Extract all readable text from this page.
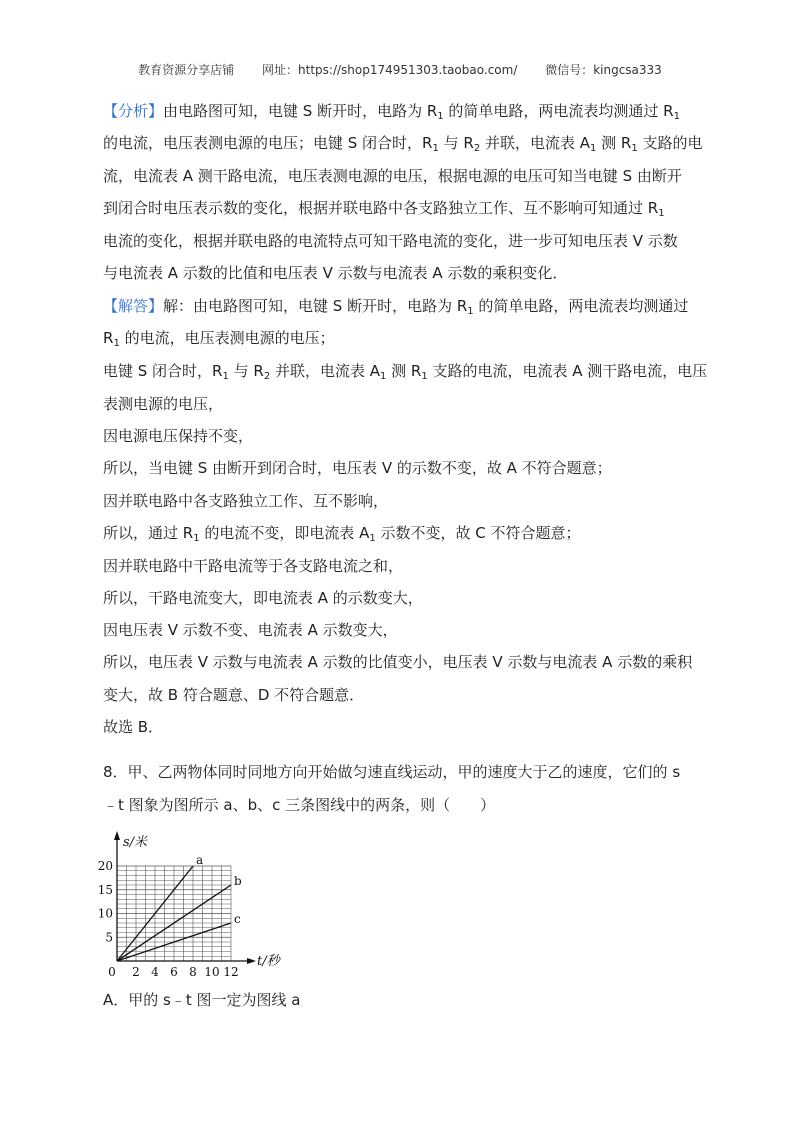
教育资源分享店铺 网址：https://shop174951303.taobao.com/ 微信号：kingcsa333
【分析】由电路图可知，电键 S 断开时，电路为 $R_1$ 的简单电路，两电流表均测通过 $R_1$
的电流，电压表测电源的电压；电键 S 闭合时，$R_1$ 与 $R_2$ 并联，电流表 $A_1$ 测 $R_1$ 支路的电
流，电流表 A 测干路电流，电压表测电源的电压，根据电源的电压可知当电键 S 由断开
到闭合时电压表示数的变化，根据并联电路中各支路独立工作、互不影响可知通过 $R_1$
电流的变化，根据并联电路的电流特点可知干路电流的变化，进一步可知电压表 V 示数
与电流表 A 示数的比值和电压表 V 示数与电流表 A 示数的乘积变化．
【解答】解：由电路图可知，电键 S 断开时，电路为 $R_1$ 的简单电路，两电流表均测通过
$R_1$ 的电流，电压表测电源的电压；
电键 S 闭合时，$R_1$ 与 $R_2$ 并联，电流表 $A_1$ 测 $R_1$ 支路的电流，电流表 A 测干路电流，电压
表测电源的电压，
因电源电压保持不变，
所以，当电键 S 由断开到闭合时，电压表 V 的示数不变，故 A 不符合题意；
因并联电路中各支路独立工作、互不影响，
所以，通过 $R_1$ 的电流不变，即电流表 $A_1$ 示数不变，故 C 不符合题意；
因并联电路中干路电流等于各支路电流之和，
所以，干路电流变大，即电流表 A 的示数变大，
因电压表 V 示数不变、电流表 A 示数变大，
所以，电压表 V 示数与电流表 A 示数的比值变小，电压表 V 示数与电流表 A 示数的乘积
变大，故 B 符合题意、D 不符合题意．
故选 B．
8．甲、乙两物体同时同地方向开始做匀速直线运动，甲的速度大于乙的速度，它们的 s
﹣t 图象为图所示 a、b、c 三条图线中的两条，则（　　）
A．甲的 s﹣t 图一定为图线 a
a
b
c
5
10
15
20
2 4 6 8 10 12
0
s/米
t/秒
